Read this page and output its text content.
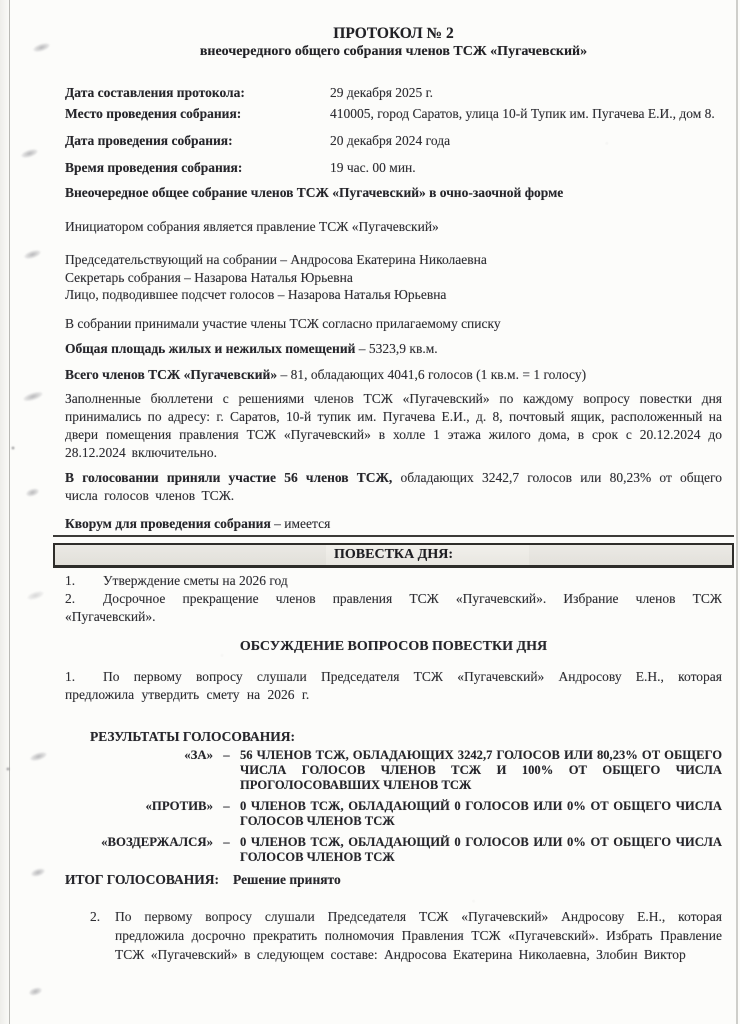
ПРОТОКОЛ № 2
внеочередного общего собрания членов ТСЖ «Пугачевский»
Дата составления протокола:	29 декабря 2025 г.
Место проведения собрания:	410005, город Саратов, улица 10-й Тупик им. Пугачева Е.И., дом 8.
Дата проведения собрания:	20 декабря 2024 года
Время проведения собрания:	19 час. 00 мин.
Внеочередное общее собрание членов ТСЖ «Пугачевский» в очно-заочной форме
Инициатором собрания является правление ТСЖ «Пугачевский»
Председательствующий на собрании – Андросова Екатерина Николаевна
Секретарь собрания – Назарова Наталья Юрьевна
Лицо, подводившее подсчет голосов – Назарова Наталья Юрьевна
В собрании принимали участие члены ТСЖ согласно прилагаемому списку
Общая площадь жилых и нежилых помещений – 5323,9 кв.м.
Всего членов ТСЖ «Пугачевский» – 81, обладающих 4041,6 голосов (1 кв.м. = 1 голосу)
Заполненные бюллетени с решениями членов ТСЖ «Пугачевский» по каждому вопросу повестки дня принимались по адресу: г. Саратов, 10-й тупик им. Пугачева Е.И., д. 8, почтовый ящик, расположенный на двери помещения правления ТСЖ «Пугачевский» в холле 1 этажа жилого дома, в срок с 20.12.2024 до 28.12.2024 включительно.
В голосовании приняли участие 56 членов ТСЖ, обладающих 3242,7 голосов или 80,23% от общего числа голосов членов ТСЖ.
Кворум для проведения собрания – имеется
ПОВЕСТКА ДНЯ:
1. Утверждение сметы на 2026 год
2. Досрочное прекращение членов правления ТСЖ «Пугачевский». Избрание членов ТСЖ «Пугачевский».
ОБСУЖДЕНИЕ ВОПРОСОВ ПОВЕСТКИ ДНЯ
1. По первому вопросу слушали Председателя ТСЖ «Пугачевский» Андросову Е.Н., которая предложила утвердить смету на 2026 г.
РЕЗУЛЬТАТЫ ГОЛОСОВАНИЯ:
«ЗА» – 56 ЧЛЕНОВ ТСЖ, ОБЛАДАЮЩИХ 3242,7 ГОЛОСОВ ИЛИ 80,23% ОТ ОБЩЕГО ЧИСЛА ГОЛОСОВ ЧЛЕНОВ ТСЖ И 100% ОТ ОБЩЕГО ЧИСЛА ПРОГОЛОСОВАВШИХ ЧЛЕНОВ ТСЖ
«ПРОТИВ» – 0 ЧЛЕНОВ ТСЖ, ОБЛАДАЮЩИЙ 0 ГОЛОСОВ ИЛИ 0% ОТ ОБЩЕГО ЧИСЛА ГОЛОСОВ ЧЛЕНОВ ТСЖ
«ВОЗДЕРЖАЛСЯ» – 0 ЧЛЕНОВ ТСЖ, ОБЛАДАЮЩИЙ 0 ГОЛОСОВ ИЛИ 0% ОТ ОБЩЕГО ЧИСЛА ГОЛОСОВ ЧЛЕНОВ ТСЖ
ИТОГ ГОЛОСОВАНИЯ: Решение принято
2. По первому вопросу слушали Председателя ТСЖ «Пугачевский» Андросову Е.Н., которая предложила досрочно прекратить полномочия Правления ТСЖ «Пугачевский». Избрать Правление ТСЖ «Пугачевский» в следующем составе: Андросова Екатерина Николаевна, Злобин Виктор
